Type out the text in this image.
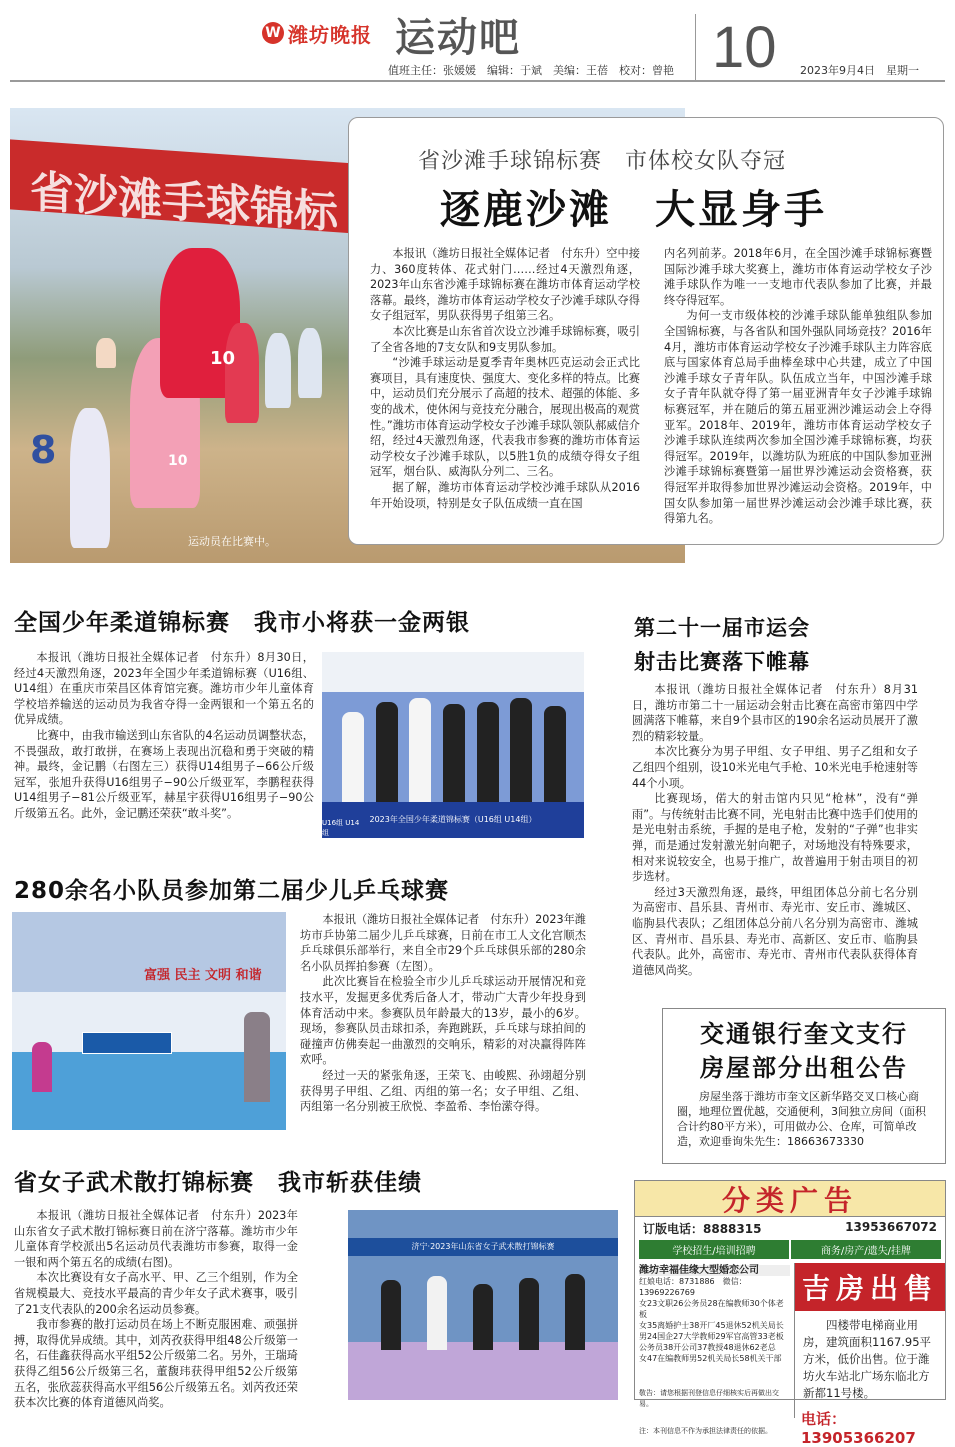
W 潍坊晚报 运动吧	10
值班主任：张媛媛　编辑：于斌　美编：王蓓　校对：曾艳	2023年9月4日　星期一
省沙滩手球锦标
10
8	10
运动员在比赛中。
省沙滩手球锦标赛　市体校女队夺冠
逐鹿沙滩　大显身手

本报讯（潍坊日报社全媒体记者　付东升）空中接力、360度转体、花式射门……经过4天激烈角逐，2023年山东省沙滩手球锦标赛在潍坊市体育运动学校落幕。最终，潍坊市体育运动学校女子沙滩手球队夺得女子组冠军，男队获得男子组第三名。

本次比赛是山东省首次设立沙滩手球锦标赛，吸引了全省各地的7支女队和9支男队参加。

“沙滩手球运动是夏季青年奥林匹克运动会正式比赛项目，具有速度快、强度大、变化多样的特点。比赛中，运动员们充分展示了高超的技术、超强的体能、多变的战术，使休闲与竞技充分融合，展现出极高的观赏性。”潍坊市体育运动学校女子沙滩手球队领队郝威信介绍，经过4天激烈角逐，代表我市参赛的潍坊市体育运动学校女子沙滩手球队，以5胜1负的成绩夺得女子组冠军，烟台队、威海队分列二、三名。

据了解，潍坊市体育运动学校沙滩手球队从2016年开始设项，特别是女子队伍成绩一直在国

内名列前茅。2018年6月，在全国沙滩手球锦标赛暨国际沙滩手球大奖赛上，潍坊市体育运动学校女子沙滩手球队作为唯一一支地市代表队参加了比赛，并最终夺得冠军。

为何一支市级体校的沙滩手球队能单独组队参加全国锦标赛，与各省队和国外强队同场竞技？2016年4月，潍坊市体育运动学校女子沙滩手球队主力阵容底底与国家体育总局手曲棒垒球中心共建，成立了中国沙滩手球女子青年队。队伍成立当年，中国沙滩手球女子青年队就夺得了第一届亚洲青年女子沙滩手球锦标赛冠军，并在随后的第五届亚洲沙滩运动会上夺得亚军。2018年、2019年，潍坊市体育运动学校女子沙滩手球队连续两次参加全国沙滩手球锦标赛，均获得冠军。2019年，以潍坊队为班底的中国队参加亚洲沙滩手球锦标赛暨第一届世界沙滩运动会资格赛，获得冠军并取得参加世界沙滩运动会资格。2019年，中国女队参加第一届世界沙滩运动会沙滩手球比赛，获得第九名。

全国少年柔道锦标赛　我市小将获一金两银

本报讯（潍坊日报社全媒体记者　付东升）8月30日，经过4天激烈角逐，2023年全国少年柔道锦标赛（U16组、U14组）在重庆市荣昌区体育馆完赛。潍坊市少年儿童体育学校培养输送的运动员为我省夺得一金两银和一个第五名的优异成绩。

比赛中，由我市输送到山东省队的4名运动员调整状态，不畏强敌，敢打敢拼，在赛场上表现出沉稳和勇于突破的精神。最终，金记鹏（右图左三）获得U14组男子−66公斤级冠军，张旭升获得U16组男子−90公斤级亚军，李鹏程获得U14组男子−81公斤级亚军，赫星宇获得U16组男子−90公斤级第五名。此外，金记鹏还荣获“敢斗奖”。	2023年全国少年柔道锦标赛（U16组 U14组）
U16组 U14组
第二十一届市运会
射击比赛落下帷幕

本报讯（潍坊日报社全媒体记者　付东升）8月31日，潍坊市第二十一届运动会射击比赛在高密市第四中学圆满落下帷幕，来自9个县市区的190余名运动员展开了激烈的精彩较量。

本次比赛分为男子甲组、女子甲组、男子乙组和女子乙组四个组别，设10米光电气手枪、10米光电手枪速射等44个小项。

比赛现场，偌大的射击馆内只见“枪林”，没有“弹雨”。与传统射击比赛不同，光电射击比赛中选手们使用的是光电射击系统，手握的是电子枪，发射的“子弹”也非实弹，而是通过发射激光射向靶子，对场地没有特殊要求，相对来说较安全，也易于推广，故普遍用于射击项目的初步选材。

经过3天激烈角逐，最终，甲组团体总分前七名分别为高密市、昌乐县、青州市、寿光市、安丘市、潍城区、临朐县代表队；乙组团体总分前八名分别为高密市、潍城区、青州市、昌乐县、寿光市、高新区、安丘市、临朐县代表队。此外，高密市、寿光市、青州市代表队获得体育道德风尚奖。

280余名小队员参加第二届少儿乒乓球赛
富强 民主 文明 和谐

本报讯（潍坊日报社全媒体记者　付东升）2023年潍坊市乒协第二届少儿乒乓球赛，日前在市工人文化宫顺杰乒乓球俱乐部举行，来自全市29个乒乓球俱乐部的280余名小队员挥拍参赛（左图）。

此次比赛旨在检验全市少儿乒乓球运动开展情况和竞技水平，发掘更多优秀后备人才，带动广大青少年投身到体育活动中来。参赛队员年龄最大的13岁，最小的6岁。现场，参赛队员击球扣杀，奔跑跳跃，乒乓球与球拍间的碰撞声仿佛奏起一曲激烈的交响乐，精彩的对决赢得阵阵欢呼。

经过一天的紧张角逐，王荣飞、由峻熙、孙翊超分别获得男子甲组、乙组、丙组的第一名；女子甲组、乙组、丙组第一名分别被王欣悦、李盈希、李怡潆夺得。

交通银行奎文支行
房屋部分出租公告
房屋坐落于潍坊市奎文区新华路交叉口核心商圈，地理位置优越，交通便利，3间独立房间（面积合计约80平方米），可用做办公、仓库，可简单改造，欢迎垂询朱先生：18663673330
省女子武术散打锦标赛　我市斩获佳绩

本报讯（潍坊日报社全媒体记者　付东升）2023年山东省女子武术散打锦标赛日前在济宁落幕。潍坊市少年儿童体育学校派出5名运动员代表潍坊市参赛，取得一金一银和两个第五名的成绩(右图)。

本次比赛设有女子高水平、甲、乙三个组别，作为全省规模最大、竞技水平最高的青少年女子武术赛事，吸引了21支代表队的200余名运动员参赛。

我市参赛的散打运动员在场上不断克服困难、顽强拼搏，取得优异成绩。其中，刘芮孜获得甲组48公斤级第一名，石佳鑫获得高水平组52公斤级第二名。另外，王瑞琦获得乙组56公斤级第三名，董馥玮获得甲组52公斤级第五名，张欣蕊获得高水平组56公斤级第五名。刘芮孜还荣获本次比赛的体育道德风尚奖。

济宁·2023年山东省女子武术散打锦标赛
分类广告
订版电话：8888315	13953667072
学校招生/培训招聘	商务/房产/遗失/挂牌
潍坊幸福佳缘大型婚恋公司
红娘电话：8731886　微信：13969226769
女23文职26公务员28在编教师30个体老板
女35离婚护士38开厂45退休52机关局长
男24国企27大学教师29军官高管33老板
公务员38开公司37教授48退休62老总
女47在编教师男52机关局长58机关干部
敬告：请您根据刊登信息仔细核实后再做出交易。
注：本刊信息不作为承担法律责任的依据。
吉房出售
四楼带电梯商业用房，建筑面积1167.95平方米，低价出售。位于潍坊火车站北广场东临北方新都11号楼。
电话：13905366207
